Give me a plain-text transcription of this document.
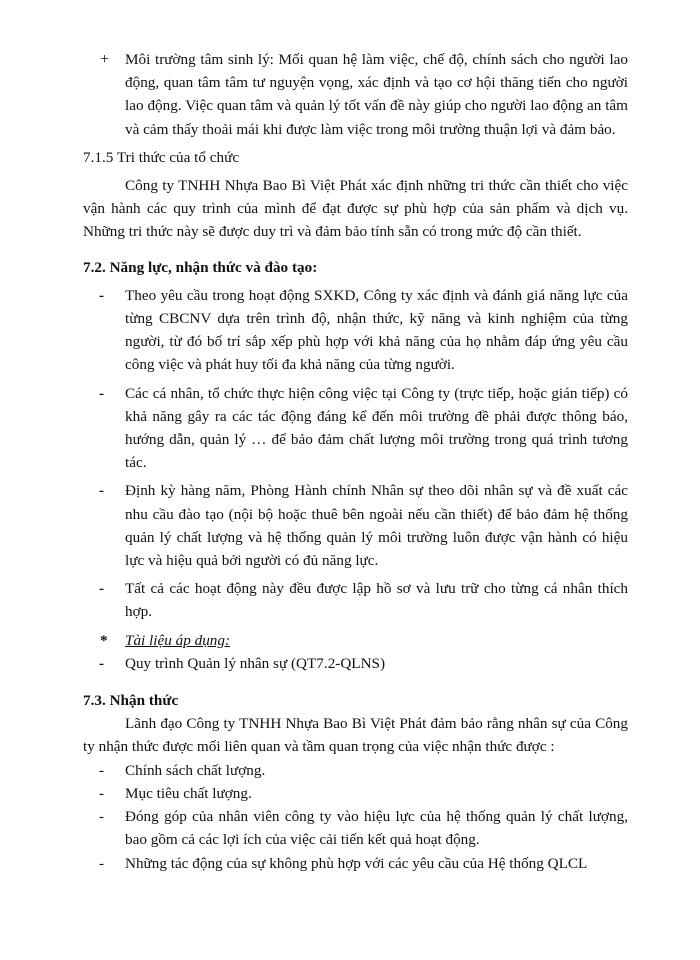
+	Môi trường tâm sinh lý: Mối quan hệ làm việc, chế độ, chính sách cho người lao động, quan tâm tâm tư nguyện vọng, xác định và tạo cơ hội thăng tiến cho người lao động. Việc quan tâm và quản lý tốt vấn đề này giúp cho người lao động an tâm và cảm thấy thoải mái khi được làm việc trong môi trường thuận lợi và đảm bảo.
7.1.5 Tri thức của tổ chức
Công ty TNHH Nhựa Bao Bì Việt Phát xác định những tri thức cần thiết cho việc vận hành các quy trình của mình để đạt được sự phù hợp của sản phẩm và dịch vụ. Những tri thức này sẽ được duy trì và đảm bảo tính sẵn có trong mức độ cần thiết.
7.2. Năng lực, nhận thức và đào tạo:
-	Theo yêu cầu trong hoạt động SXKD, Công ty xác định và đánh giá năng lực của từng CBCNV dựa trên trình độ, nhận thức, kỹ năng và kinh nghiệm của từng người, từ đó bố trí sắp xếp phù hợp với khả năng của họ nhằm đáp ứng yêu cầu công việc và phát huy tối đa khả năng của từng người.
-	Các cá nhân, tổ chức thực hiện công việc tại Công ty (trực tiếp, hoặc gián tiếp) có khả năng gây ra các tác động đáng kể đến môi trường đề phải được thông báo, hướng dẫn, quản lý … để bảo đảm chất lượng môi trường trong quá trình tương tác.
-	Định kỳ hàng năm, Phòng Hành chính Nhân sự theo dõi nhân sự và đề xuất các nhu cầu đào tạo (nội bộ hoặc thuê bên ngoài nếu cần thiết) để bảo đảm hệ thống quản lý chất lượng và hệ thống quản lý môi trường luôn được vận hành có hiệu lực và hiệu quả bởi người có đủ năng lực.
-	Tất cả các hoạt động này đều được lập hồ sơ và lưu trữ cho từng cá nhân thích hợp.
*	Tài liệu áp dụng:
-	Quy trình Quản lý nhân sự (QT7.2-QLNS)
7.3. Nhận thức
Lãnh đạo Công ty TNHH Nhựa Bao Bì Việt Phát đảm bảo rằng nhân sự của Công ty nhận thức được mối liên quan và tầm quan trọng của việc nhận thức được :
-	Chính sách chất lượng.
-	Mục tiêu chất lượng.
-	Đóng góp của nhân viên công ty vào hiệu lực của hệ thống quản lý chất lượng, bao gồm cả các lợi ích của việc cải tiến kết quả hoạt động.
-	Những tác động của sự không phù hợp với các yêu cầu của Hệ thống QLCL
